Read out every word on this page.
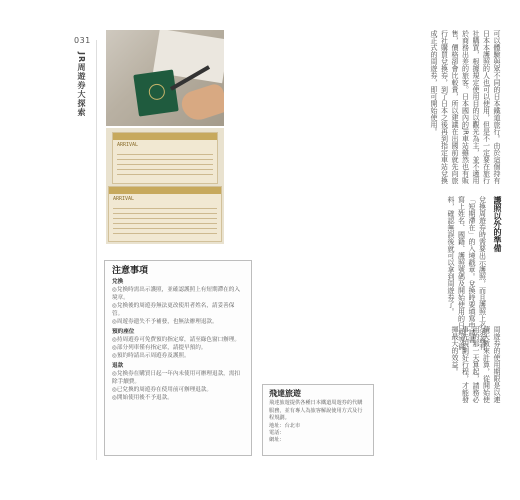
031
JR周遊券大探索
ARRIVAL
ARRIVAL

可以體驗與眾不同的日本鐵道旅行。由於這個持有日本本護照的人也可以使用，但是不一定要在旅行社購買，根據規定使用目的以觀光為主，並不適用於商務出差的旅客。日本國內的JR車站雖然也有販售，價格卻會比較貴，所以建議在出國前就先向旅行社購買兌換券，到了日本之後再到指定車站兌換成正式的周遊券，即可開始使用。

護照以外的準備

兌換周遊券時需要出示護照，而且護照上必須蓋有「短期滯在」的入境戳章。兌換時要填寫申請書，寫上姓名、國籍、護照號碼及開始使用的日期等資料，確認無誤後就可以拿到周遊券了。

周遊券的使用期限是以連續天數來計算，從開始使用的那一天算起，請務必事先規劃好行程，才能發揮最大的效益。

注意事項
兌換

◎兌換時需出示護照，並確認護照上有短期滯在的入境章。

◎兌換後的周遊券無法更改使用者姓名，請妥善保管。

◎周遊券遺失不予補發，也無法辦理退款。

預約座位

◎持周遊券可免費預約指定席，請至綠色窗口辦理。

◎部分列車僅有指定席，請提早預約。

◎預約時請出示周遊券及護照。

退款

◎兌換券在購買日起一年內未使用可辦理退款，需扣除手續費。

◎已兌換的周遊券在使用前可辦理退款。

◎開始使用後不予退款。	飛達旅遊

飛達旅遊提供各種日本鐵道周遊券的代購服務，並有專人為旅客解說使用方式及行程規劃。

地址：台北市

電話：

網址：
